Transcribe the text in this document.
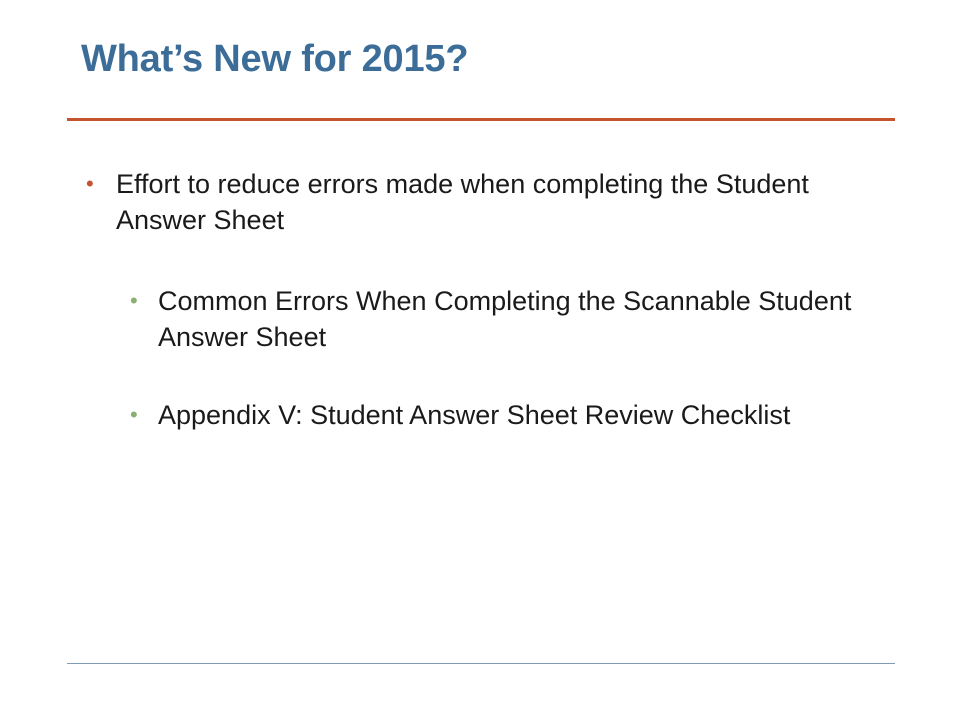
What’s New for 2015?
• Effort to reduce errors made when completing the Student Answer Sheet
• Common Errors When Completing the Scannable Student Answer Sheet
• Appendix V: Student Answer Sheet Review Checklist
